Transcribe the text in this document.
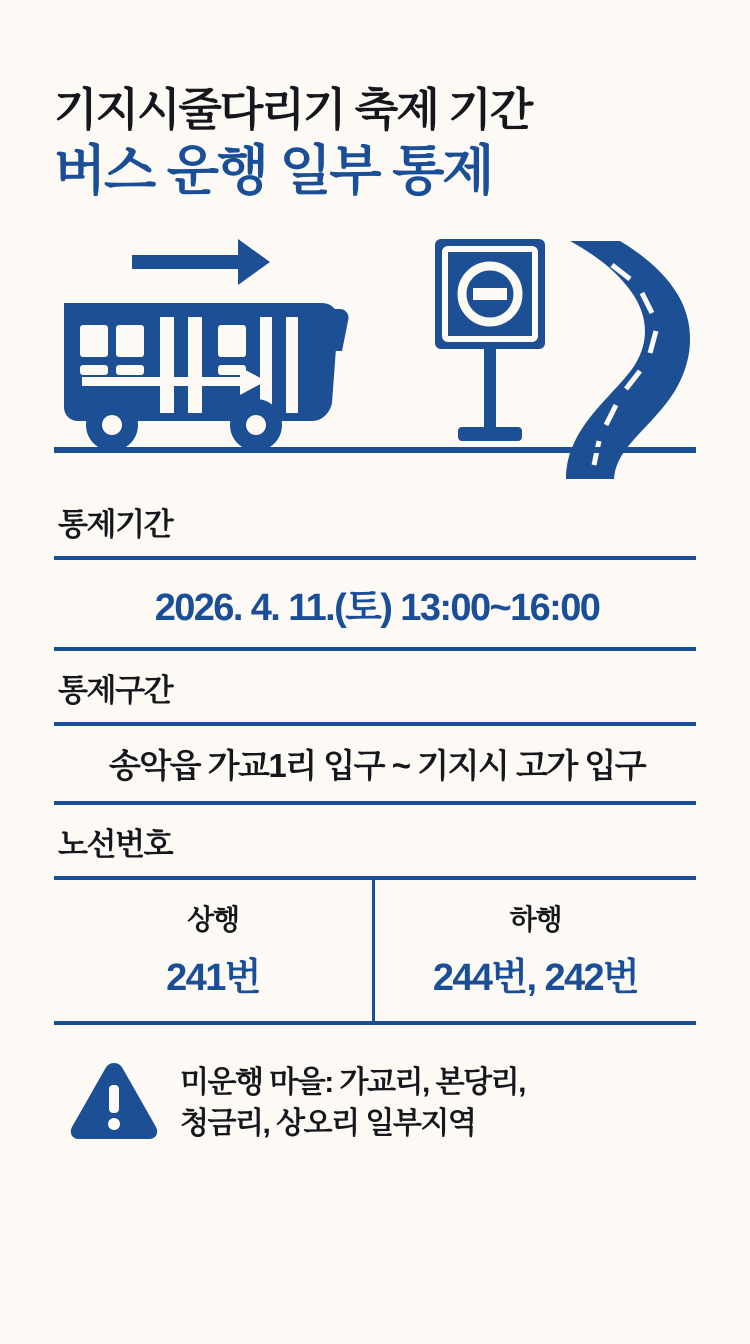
기지시줄다리기 축제 기간
버스 운행 일부 통제
통제기간
2026. 4. 11.(토) 13:00~16:00
통제구간
송악읍 가교1리 입구 ~ 기지시 고가 입구
노선번호
상행
241번
하행
244번, 242번
미운행 마을: 가교리, 본당리,
청금리, 상오리 일부지역
